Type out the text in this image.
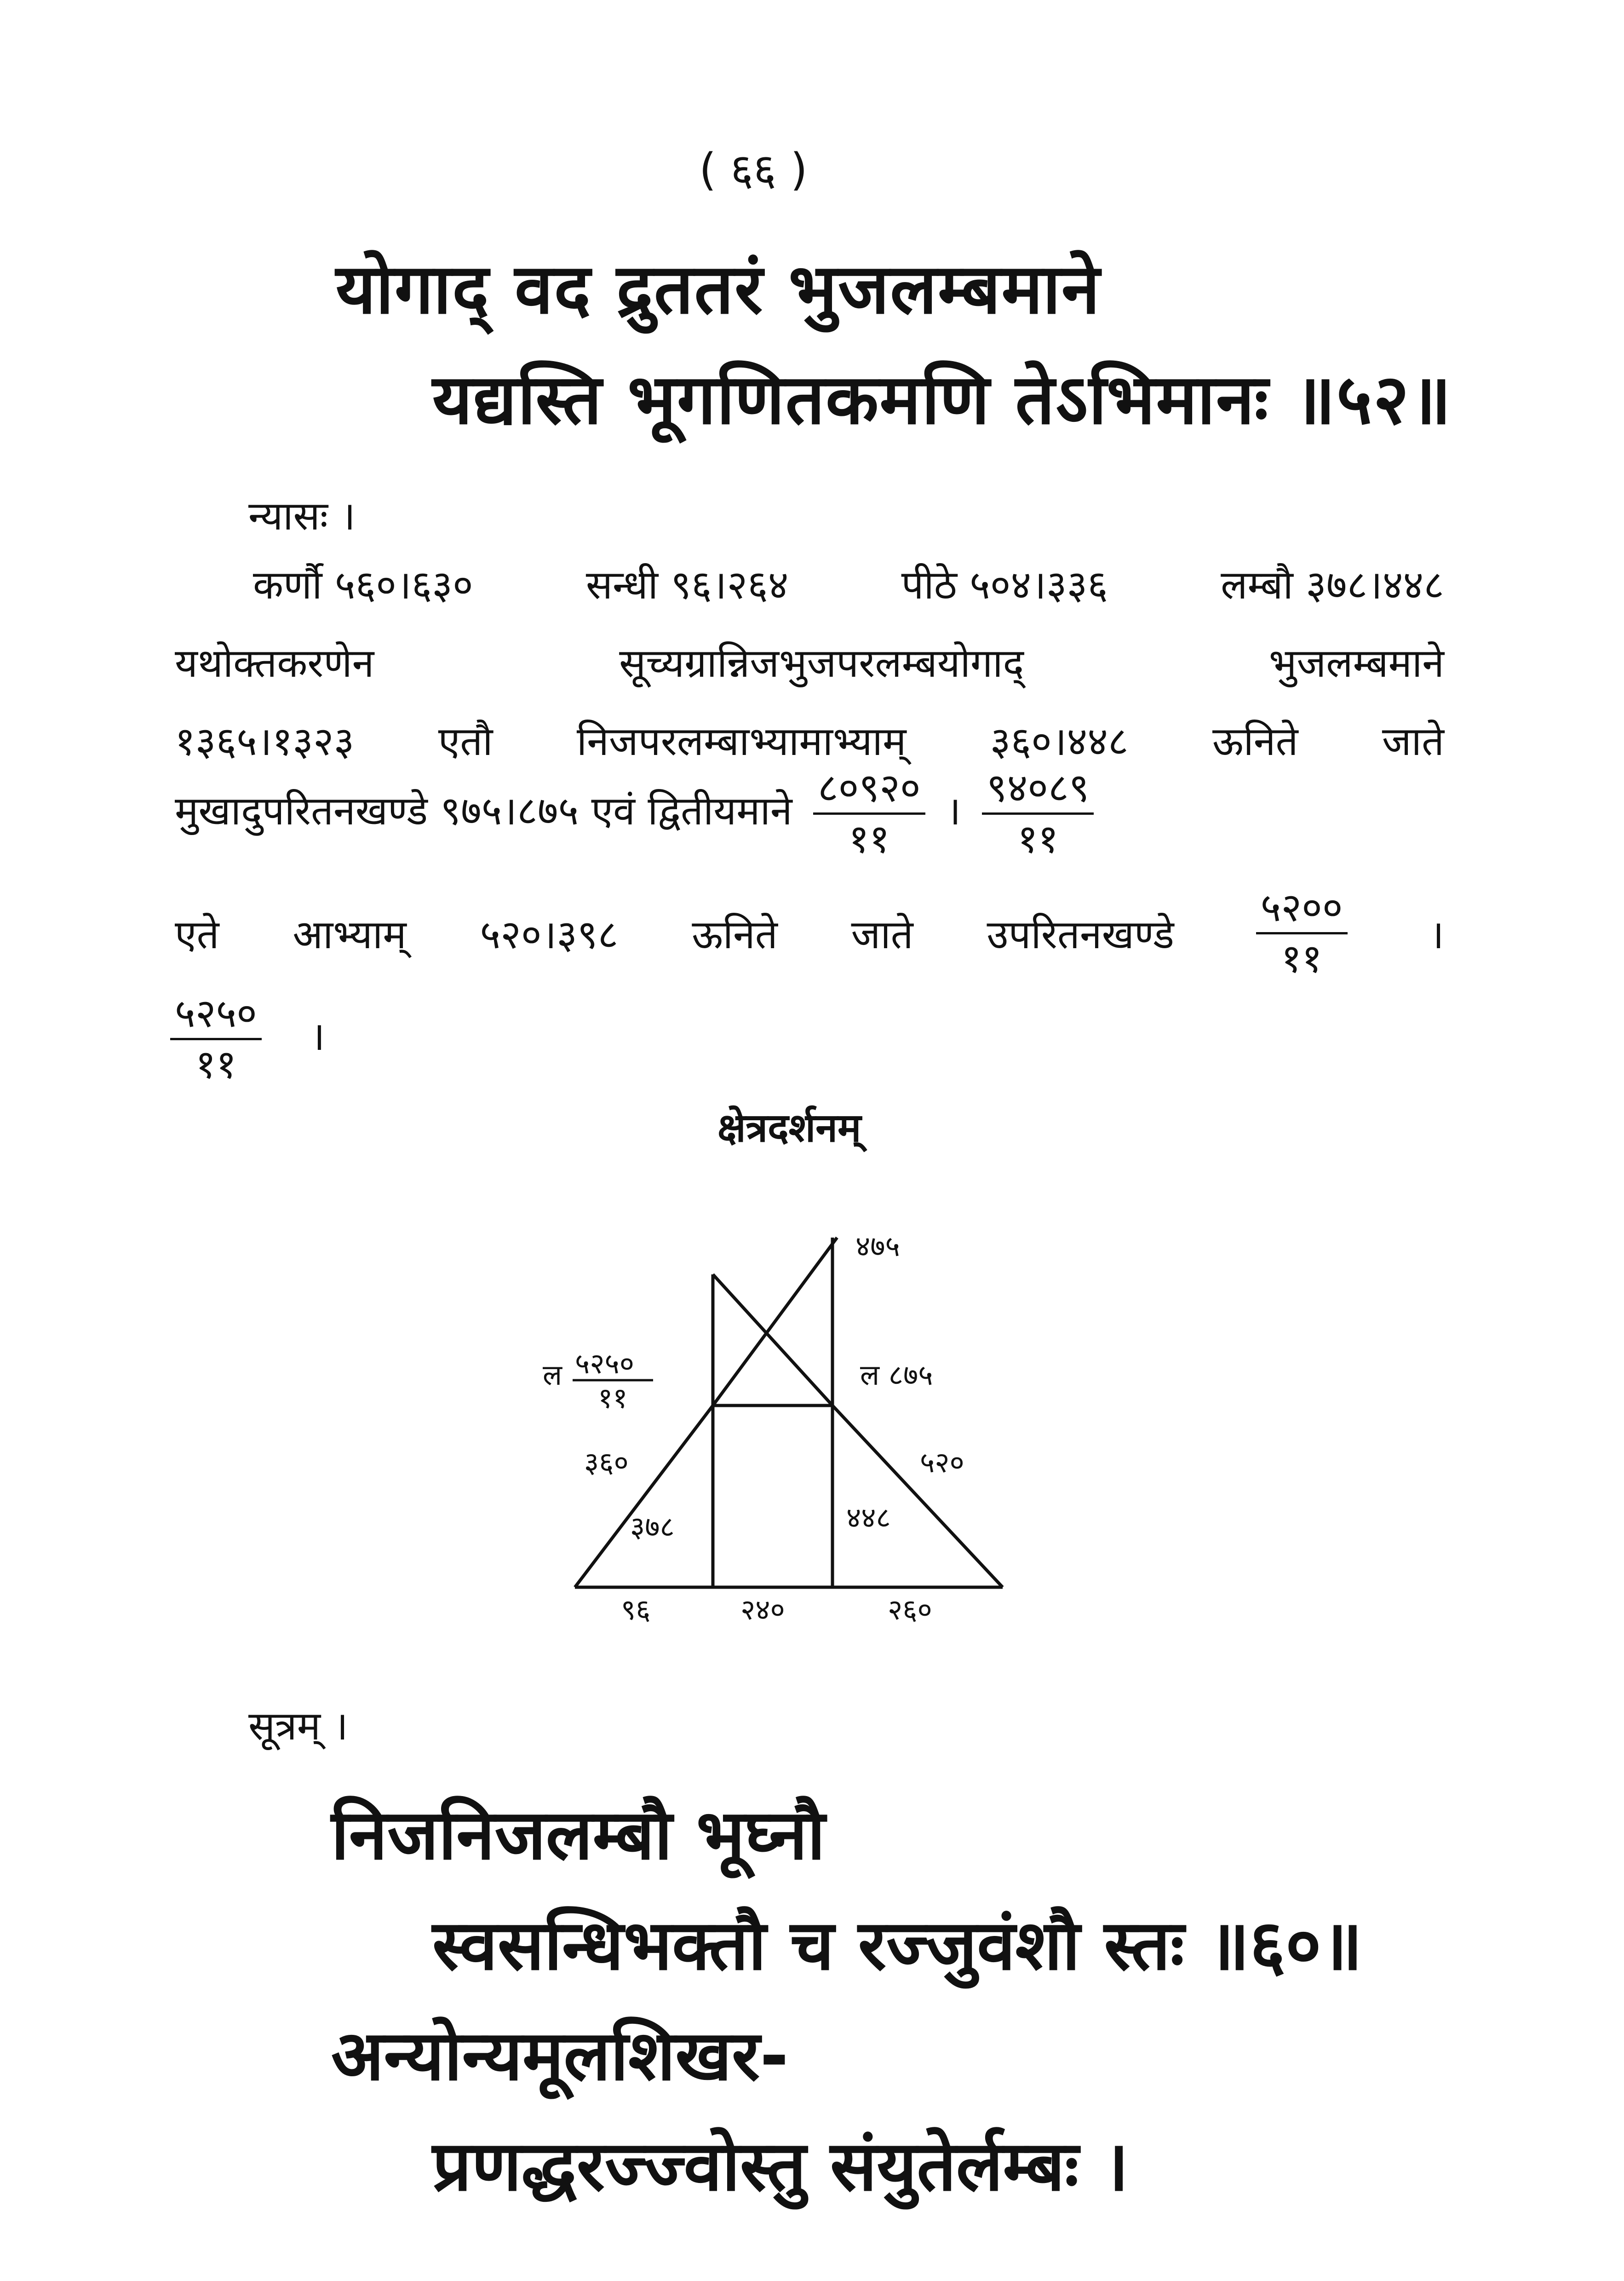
( ६६ )
योगाद् वद द्रुततरं भुजलम्बमाने
यद्यस्ति भूगणितकमणि तेऽभिमानः ॥५२॥
न्यासः ।
कर्णौ ५६०।६३०	सन्धी ९६।२६४	पीठे ५०४।३३६	लम्बौ ३७८।४४८
यथोक्तकरणेन	सूच्यग्रान्निजभुजपरलम्बयोगाद्	भुजलम्बमाने
१३६५।१३२३ एतौ निजपरलम्बाभ्यामाभ्याम् ३६०।४४८ ऊनिते जाते
मुखादुपरितनखण्डे ९७५।८७५ एवं द्वितीयमाने $\frac{८०९२०}{११}$ । $\frac{९४०८९}{११}$
एते आभ्याम् ५२०।३९८ ऊनिते जाते उपरितनखण्डे $\frac{५२००}{११}$ ।
$\frac{५२५०}{११}$ ।
क्षेत्रदर्शनम्
४७५
ल ५२५०
११
ल ८७५
३६०	५२०
३७८	४४८
९६	२४०	२६०
सूत्रम् ।
निजनिजलम्बौ भूघ्नौ
स्वसन्धिभक्तौ च रज्जुवंशौ स्तः ॥६०॥
अन्योन्यमूलशिखर-
प्रणद्धरज्ज्वोस्तु संयुतेर्लम्बः ।
